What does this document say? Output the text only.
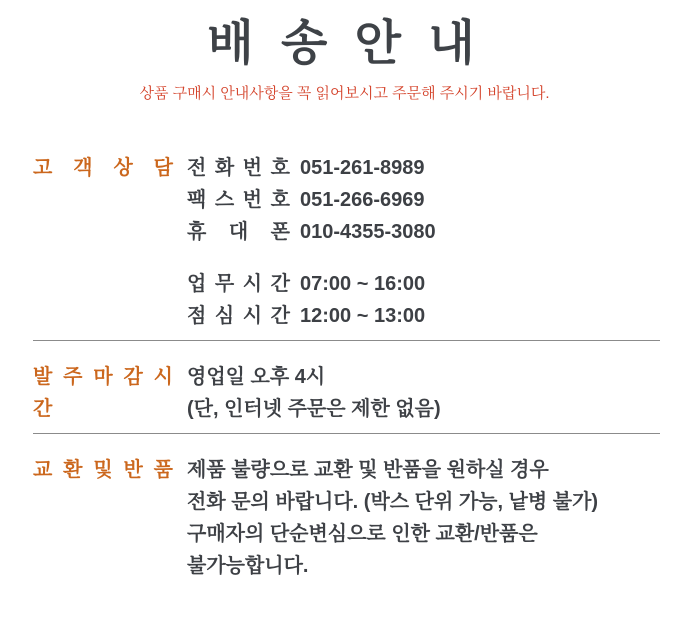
배 송 안 내

상품 구매시 안내사항을 꼭 읽어보시고 주문해 주시기 바랍니다.

고 객 상 담 전 화 번 호 051-261-8989
팩 스 번 호 051-266-6969
휴 대 폰 010-4355-3080
업 무 시 간 07:00 ~ 16:00
점 심 시 간 12:00 ~ 13:00
발 주 마 감 시 간
영업일 오후 4시
(단, 인터넷 주문은 제한 없음)
교 환 및 반 품 제품 불량으로 교환 및 반품을 원하실 경우
전화 문의 바랍니다. (박스 단위 가능, 낱병 불가)
구매자의 단순변심으로 인한 교환/반품은
불가능합니다.
